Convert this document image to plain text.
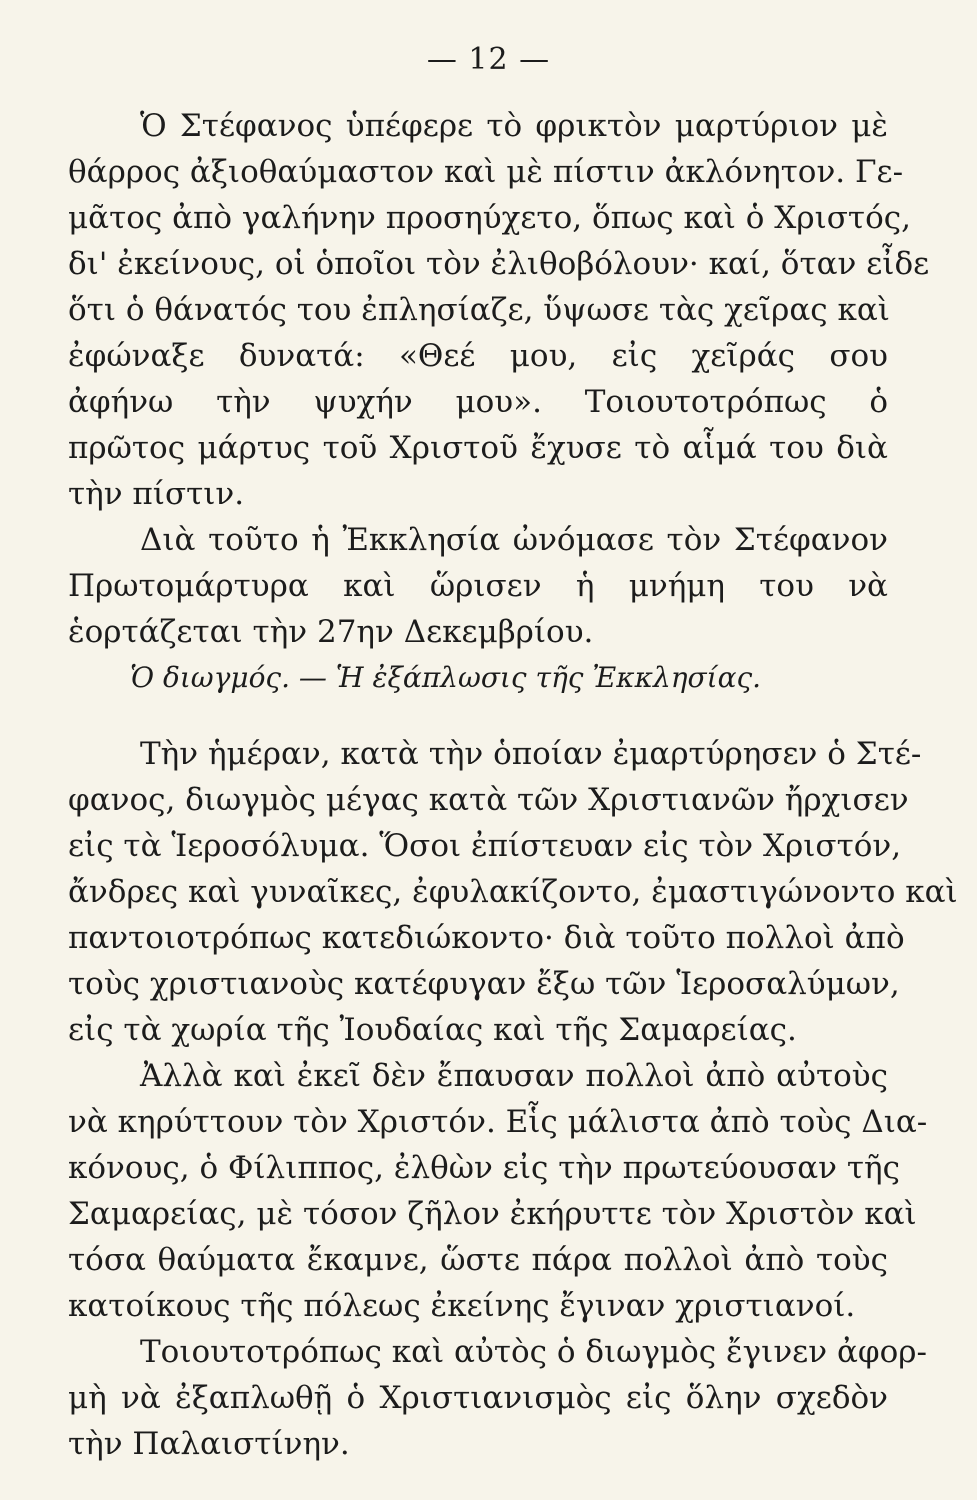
— 12 —
Ὁ Στέφανος ὑπέφερε τὸ φρικτὸν μαρτύριον μὲ
θάρρος ἀξιοθαύμαστον καὶ μὲ πίστιν ἀκλόνητον. Γε-
μᾶτος ἀπὸ γαλήνην προσηύχετο, ὅπως καὶ ὁ Χριστός,
δι' ἐκείνους, οἱ ὁποῖοι τὸν ἐλιθοβόλουν· καί, ὅταν εἶδε
ὅτι ὁ θάνατός του ἐπλησίαζε, ὕψωσε τὰς χεῖρας καὶ
ἐφώναξε δυνατά: «Θεέ μου, εἰς χεῖράς σου
ἀφήνω τὴν ψυχήν μου». Τοιουτοτρόπως ὁ
πρῶτος μάρτυς τοῦ Χριστοῦ ἔχυσε τὸ αἷμά του διὰ
τὴν πίστιν.
Διὰ τοῦτο ἡ Ἐκκλησία ὠνόμασε τὸν Στέφανον
Πρωτομάρτυρα καὶ ὥρισεν ἡ μνήμη του νὰ
ἑορτάζεται τὴν 27ην Δεκεμβρίου.
Ὁ διωγμός. — Ἡ ἐξάπλωσις τῆς Ἐκκλησίας.
Τὴν ἡμέραν, κατὰ τὴν ὁποίαν ἐμαρτύρησεν ὁ Στέ-
φανος, διωγμὸς μέγας κατὰ τῶν Χριστιανῶν ἤρχισεν
εἰς τὰ Ἱεροσόλυμα. Ὅσοι ἐπίστευαν εἰς τὸν Χριστόν,
ἄνδρες καὶ γυναῖκες, ἐφυλακίζοντο, ἐμαστιγώνοντο καὶ
παντοιοτρόπως κατεδιώκοντο· διὰ τοῦτο πολλοὶ ἀπὸ
τοὺς χριστιανοὺς κατέφυγαν ἔξω τῶν Ἱεροσαλύμων,
εἰς τὰ χωρία τῆς Ἰουδαίας καὶ τῆς Σαμαρείας.
Ἀλλὰ καὶ ἐκεῖ δὲν ἔπαυσαν πολλοὶ ἀπὸ αὐτοὺς
νὰ κηρύττουν τὸν Χριστόν. Εἷς μάλιστα ἀπὸ τοὺς Δια-
κόνους, ὁ Φίλιππος, ἐλθὼν εἰς τὴν πρωτεύουσαν τῆς
Σαμαρείας, μὲ τόσον ζῆλον ἐκήρυττε τὸν Χριστὸν καὶ
τόσα θαύματα ἔκαμνε, ὥστε πάρα πολλοὶ ἀπὸ τοὺς
κατοίκους τῆς πόλεως ἐκείνης ἔγιναν χριστιανοί.
Τοιουτοτρόπως καὶ αὐτὸς ὁ διωγμὸς ἔγινεν ἀφορ-
μὴ νὰ ἐξαπλωθῇ ὁ Χριστιανισμὸς εἰς ὅλην σχεδὸν
τὴν Παλαιστίνην.
